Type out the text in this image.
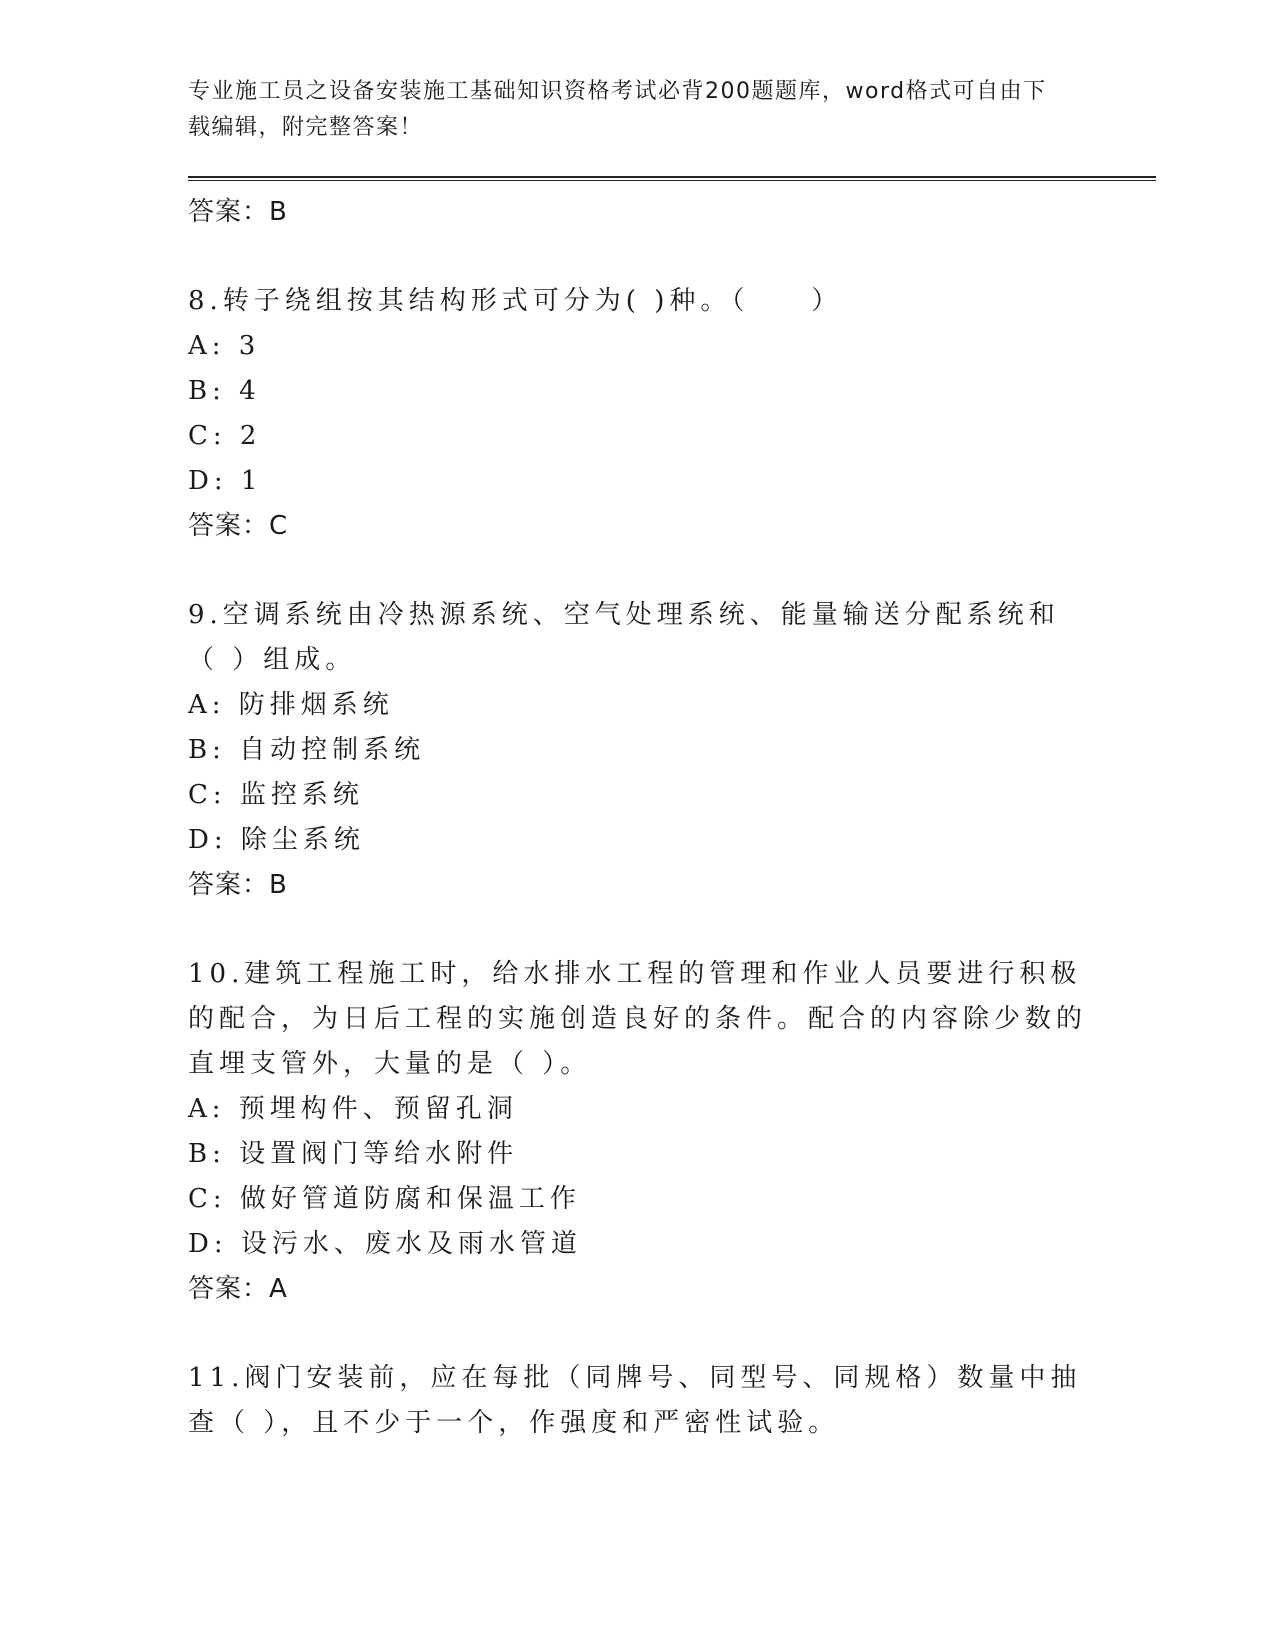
专业施工员之设备安装施工基础知识资格考试必背200题题库，word格式可自由下载编辑，附完整答案！
答案：B
8.转子绕组按其结构形式可分为( )种。（　　）
A: 3
B: 4
C: 2
D: 1
答案：C
9.空调系统由冷热源系统、空气处理系统、能量输送分配系统和（ ）组成。
A: 防排烟系统
B: 自动控制系统
C: 监控系统
D: 除尘系统
答案：B
10.建筑工程施工时，给水排水工程的管理和作业人员要进行积极的配合，为日后工程的实施创造良好的条件。配合的内容除少数的直埋支管外，大量的是（ ）。
A: 预埋构件、预留孔洞
B: 设置阀门等给水附件
C: 做好管道防腐和保温工作
D: 设污水、废水及雨水管道
答案：A
11.阀门安装前，应在每批（同牌号、同型号、同规格）数量中抽查（ ），且不少于一个，作强度和严密性试验。
